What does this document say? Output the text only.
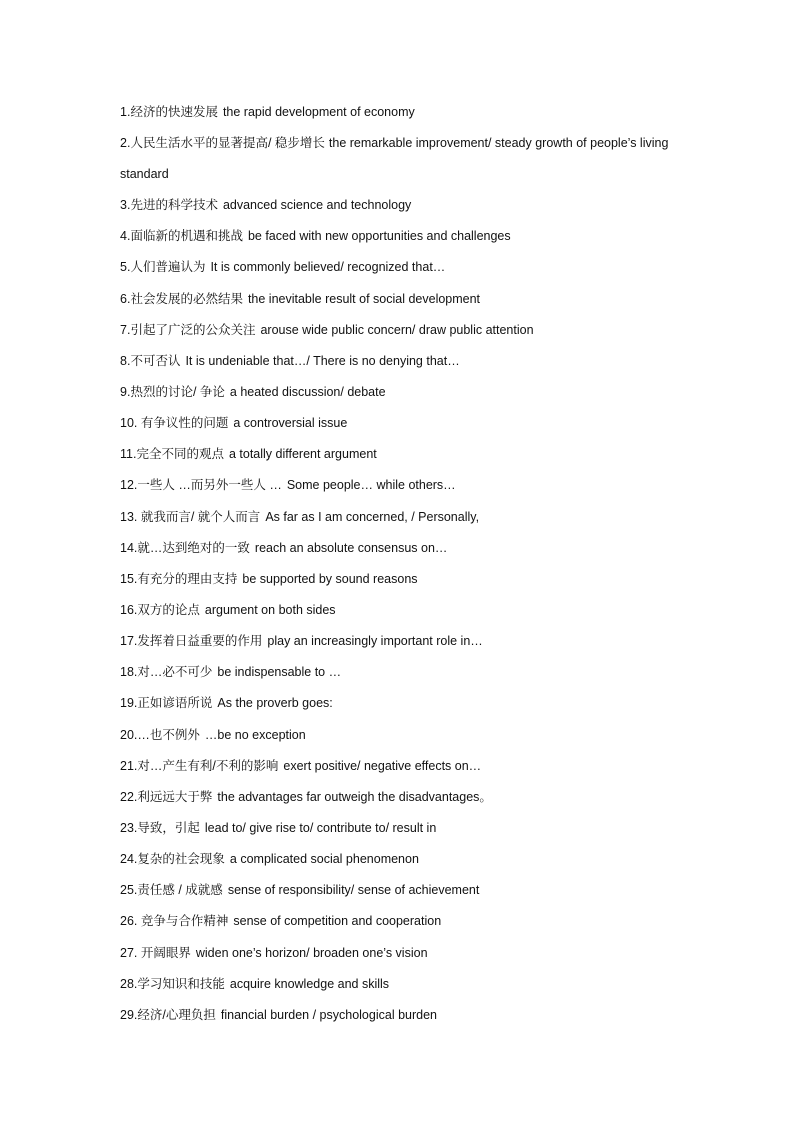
1.经济的快速发展 the rapid development of economy
2.人民生活水平的显著提高/ 稳步增长 the remarkable improvement/ steady growth of people’s living standard
3.先进的科学技术 advanced science and technology
4.面临新的机遇和挑战 be faced with new opportunities and challenges
5.人们普遍认为 It is commonly believed/ recognized that…
6.社会发展的必然结果 the inevitable result of social development
7.引起了广泛的公众关注 arouse wide public concern/ draw public attention
8.不可否认 It is undeniable that…/ There is no denying that…
9.热烈的讨论/ 争论 a heated discussion/ debate
10. 有争议性的问题 a controversial issue
11.完全不同的观点 a totally different argument
12.一些人 …而另外一些人 … Some people… while others…
13. 就我而言/ 就个人而言 As far as I am concerned, / Personally,
14.就…达到绝对的一致 reach an absolute consensus on…
15.有充分的理由支持 be supported by sound reasons
16.双方的论点 argument on both sides
17.发挥着日益重要的作用 play an increasingly important role in…
18.对…必不可少 be indispensable to …
19.正如谚语所说 As the proverb goes:
20.…也不例外 …be no exception
21.对…产生有利/不利的影响 exert positive/ negative effects on…
22.利远远大于弊 the advantages far outweigh the disadvantages。
23.导致，引起 lead to/ give rise to/ contribute to/ result in
24.复杂的社会现象 a complicated social phenomenon
25.责任感 / 成就感 sense of responsibility/ sense of achievement
26. 竞争与合作精神 sense of competition and cooperation
27. 开阔眼界 widen one’s horizon/ broaden one’s vision
28.学习知识和技能 acquire knowledge and skills
29.经济/心理负担 financial burden / psychological burden
